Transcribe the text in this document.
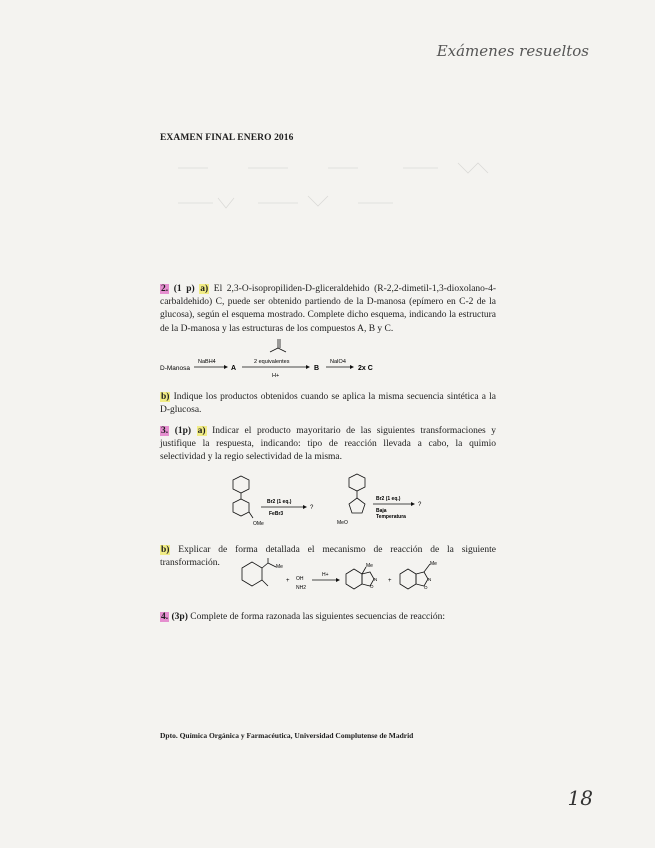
Exámenes resueltos
EXAMEN FINAL ENERO 2016
2. (1 p) a) El 2,3-O-isopropiliden-D-gliceraldehido (R-2,2-dimetil-1,3-dioxolano-4-carbaldehido) C, puede ser obtenido partiendo de la D-manosa (epímero en C-2 de la glucosa), según el esquema mostrado. Complete dicho esquema, indicando la estructura de la D-manosa y las estructuras de los compuestos A, B y C.
D-Manosa
NaBH4
A
2 equivalentes
H+
B
NaIO4
2x C
b) Indique los productos obtenidos cuando se aplica la misma secuencia sintética a la D-glucosa.
3. (1p) a) Indicar el producto mayoritario de las siguientes transformaciones y justifique la respuesta, indicando: tipo de reacción llevada a cabo, la quimio selectividad y la regio selectividad de la misma.
OMe
Br2 (1 eq.)
FeBr3
?
MeO
Br2 (1 eq.)
Baja
Temperatura
?
b) Explicar de forma detallada el mecanismo de reacción de la siguiente transformación.	Me
+ OH
NH2
H+
Me
O
N +
Me
O
N
4. (3p) Complete de forma razonada las siguientes secuencias de reacción:
Dpto. Química Orgánica y Farmacéutica, Universidad Complutense de Madrid
18
